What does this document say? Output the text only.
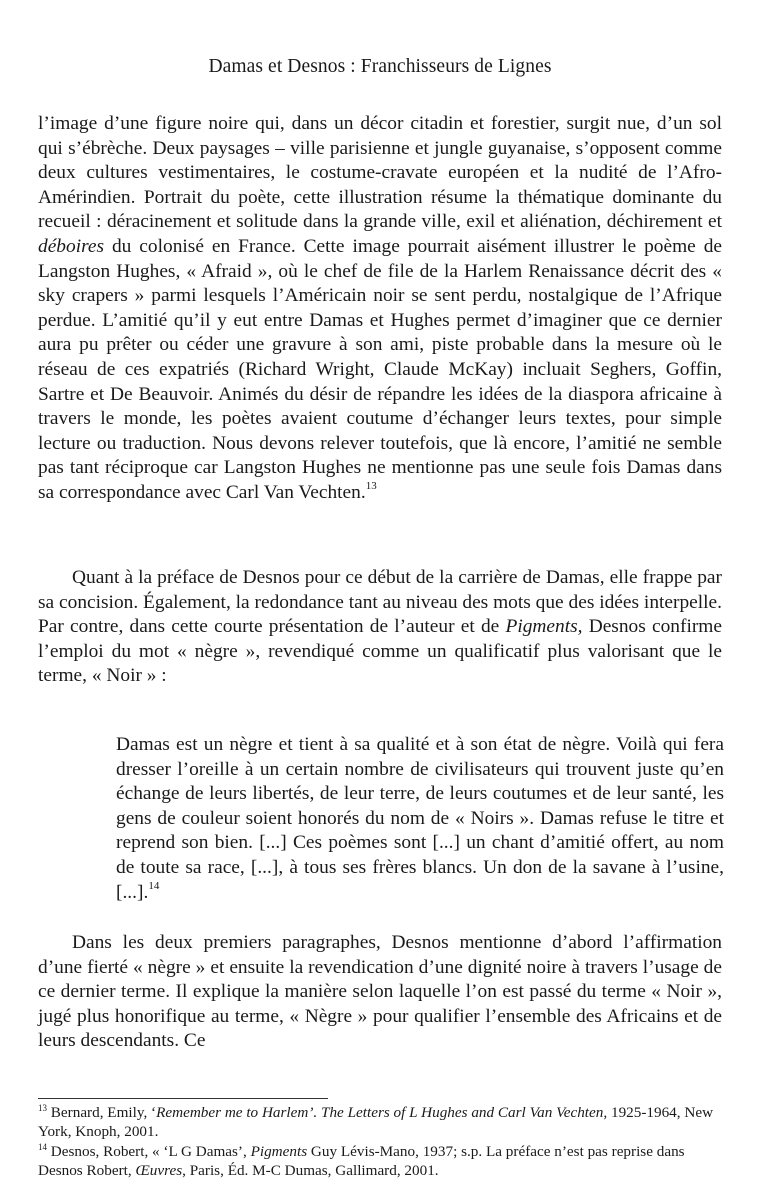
Damas et Desnos : Franchisseurs de Lignes

l’image d’une figure noire qui, dans un décor citadin et forestier, surgit nue, d’un sol qui s’ébrèche. Deux paysages – ville parisienne et jungle guyanaise, s’opposent comme deux cultures vestimentaires, le costume-cravate européen et la nudité de l’Afro-Amérindien. Portrait du poète, cette illustration résume la thématique dominante du recueil : déracinement et solitude dans la grande ville, exil et aliénation, déchirement et déboires du colonisé en France. Cette image pourrait aisément illustrer le poème de Langston Hughes, « Afraid », où le chef de file de la Harlem Renaissance décrit des « sky crapers » parmi lesquels l’Américain noir se sent perdu, nostalgique de l’Afrique perdue. L’amitié qu’il y eut entre Damas et Hughes permet d’imaginer que ce dernier aura pu prêter ou céder une gravure à son ami, piste probable dans la mesure où le réseau de ces expatriés (Richard Wright, Claude McKay) incluait Seghers, Goffin, Sartre et De Beauvoir. Animés du désir de répandre les idées de la diaspora africaine à travers le monde, les poètes avaient coutume d’échanger leurs textes, pour simple lecture ou traduction. Nous devons relever toutefois, que là encore, l’amitié ne semble pas tant réciproque car Langston Hughes ne mentionne pas une seule fois Damas dans sa correspondance avec Carl Van Vechten.$^{13}$

Quant à la préface de Desnos pour ce début de la carrière de Damas, elle frappe par sa concision. Également, la redondance tant au niveau des mots que des idées interpelle. Par contre, dans cette courte présentation de l’auteur et de Pigments, Desnos confirme l’emploi du mot « nègre », revendiqué comme un qualificatif plus valorisant que le terme, « Noir » :

Damas est un nègre et tient à sa qualité et à son état de nègre. Voilà qui fera dresser l’oreille à un certain nombre de civilisateurs qui trouvent juste qu’en échange de leurs libertés, de leur terre, de leurs coutumes et de leur santé, les gens de couleur soient honorés du nom de « Noirs ». Damas refuse le titre et reprend son bien. [...] Ces poèmes sont [...] un chant d’amitié offert, au nom de toute sa race, [...], à tous ses frères blancs. Un don de la savane à l’usine, [...].$^{14}$

Dans les deux premiers paragraphes, Desnos mentionne d’abord l’affirmation d’une fierté « nègre » et ensuite la revendication d’une dignité noire à travers l’usage de ce dernier terme. Il explique la manière selon laquelle l’on est passé du terme « Noir », jugé plus honorifique au terme, « Nègre » pour qualifier l’ensemble des Africains et de leurs descendants. Ce

$^{13}$ Bernard, Emily, ‘Remember me to Harlem’. The Letters of L Hughes and Carl Van Vechten, 1925-1964, New York, Knoph, 2001.

$^{14}$ Desnos, Robert, « ‘L G Damas’, Pigments Guy Lévis-Mano, 1937; s.p. La préface n’est pas reprise dans Desnos Robert, Œuvres, Paris, Éd. M-C Dumas, Gallimard, 2001.
